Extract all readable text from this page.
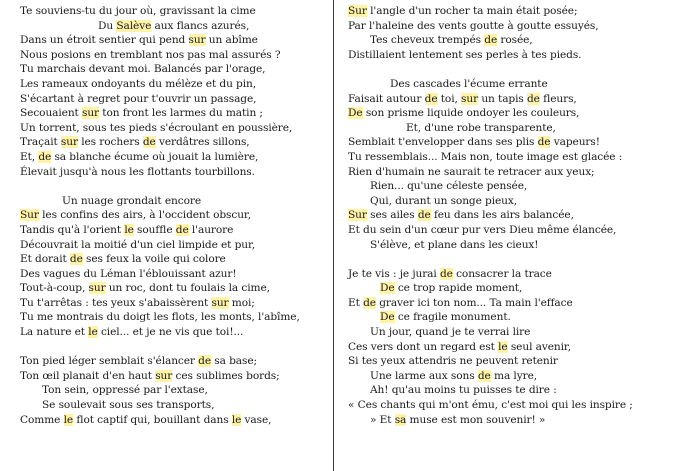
Te souviens-tu du jour où, gravissant la cime
Du Salève aux flancs azurés,
Dans un étroit sentier qui pend sur un abîme
Nous posions en tremblant nos pas mal assurés ?
Tu marchais devant moi. Balancés par l'orage,
Les rameaux ondoyants du mélèze et du pin,
S'écartant à regret pour t'ouvrir un passage,
Secouaient sur ton front les larmes du matin ;
Un torrent, sous tes pieds s'écroulant en poussière,
Traçait sur les rochers de verdâtres sillons,
Et, de sa blanche écume où jouait la lumière,
Élevait jusqu'à nous les flottants tourbillons.
Un nuage grondait encore
Sur les confins des airs, à l'occident obscur,
Tandis qu'à l'orient le souffle de l'aurore
Découvrait la moitié d'un ciel limpide et pur,
Et dorait de ses feux la voile qui colore
Des vagues du Léman l'éblouissant azur!
Tout-à-coup, sur un roc, dont tu foulais la cime,
Tu t'arrêtas : tes yeux s'abaissèrent sur moi;
Tu me montrais du doigt les flots, les monts, l'abîme,
La nature et le ciel... et je ne vis que toi!...
Ton pied léger semblait s'élancer de sa base;
Ton œil planait d'en haut sur ces sublimes bords;
Ton sein, oppressé par l'extase,
Se soulevait sous ses transports,
Comme le flot captif qui, bouillant dans le vase,
Sur l'angle d'un rocher ta main était posée;
Par l'haleine des vents goutte à goutte essuyés,
Tes cheveux trempés de rosée,
Distillaient lentement ses perles à tes pieds.
Des cascades l'écume errante
Faisait autour de toi, sur un tapis de fleurs,
De son prisme liquide ondoyer les couleurs,
Et, d'une robe transparente,
Semblait t'envelopper dans ses plis de vapeurs!
Tu ressemblais... Mais non, toute image est glacée :
Rien d'humain ne saurait te retracer aux yeux;
Rien... qu'une céleste pensée,
Qui, durant un songe pieux,
Sur ses ailes de feu dans les airs balancée,
Et du sein d'un cœur pur vers Dieu même élancée,
S'élève, et plane dans les cieux!
Je te vis : je jurai de consacrer la trace
De ce trop rapide moment,
Et de graver ici ton nom... Ta main l'efface
De ce fragile monument.
Un jour, quand je te verrai lire
Ces vers dont un regard est le seul avenir,
Si tes yeux attendris ne peuvent retenir
Une larme aux sons de ma lyre,
Ah! qu'au moins tu puisses te dire :
« Ces chants qui m'ont ému, c'est moi qui les inspire ;
» Et sa muse est mon souvenir! »
